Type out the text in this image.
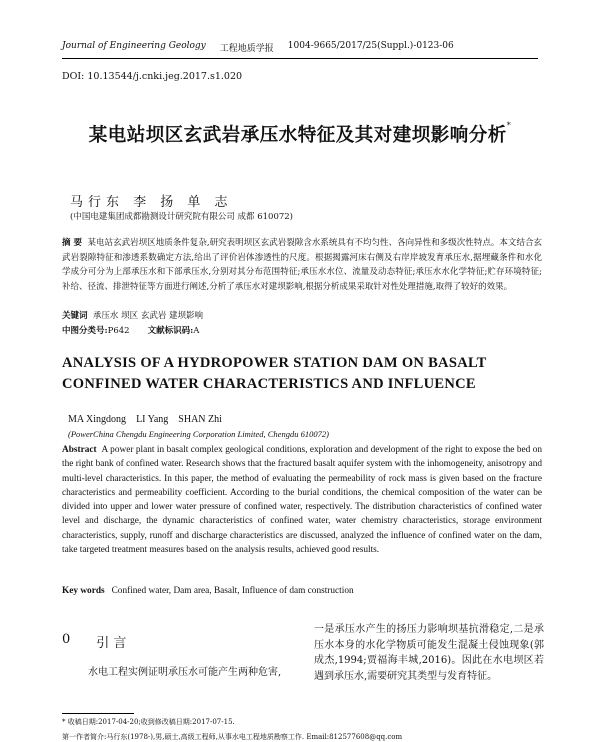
Journal of Engineering Geology 工程地质学报 1004-9665/2017/25(Suppl.)-0123-06
DOI: 10.13544/j.cnki.jeg.2017.s1.020
某电站坝区玄武岩承压水特征及其对建坝影响分析*
马行东 李 扬 单 志
(中国电建集团成都勘测设计研究院有限公司 成都 610072)
摘 要 某电站玄武岩坝区地质条件复杂,研究表明坝区玄武岩裂隙含水系统具有不均匀性、各向异性和多级次性特点。本文结合玄武岩裂隙特征和渗透系数确定方法,给出了评价岩体渗透性的尺度。根据揭露河床右侧及右岸岸坡发育承压水,据埋藏条件和水化学成分可分为上部承压水和下部承压水,分别对其分布范围特征;承压水水位、流量及动态特征;承压水水化学特征;贮存环境特征;补给、径流、排泄特征等方面进行阐述,分析了承压水对建坝影响,根据分析成果采取针对性处理措施,取得了较好的效果。
关键词 承压水 坝区 玄武岩 建坝影响
中图分类号:P642 文献标识码:A
ANALYSIS OF A HYDROPOWER STATION DAM ON BASALT CONFINED WATER CHARACTERISTICS AND INFLUENCE
MA Xingdong LI Yang SHAN Zhi
(PowerChina Chengdu Engineering Corporation Limited, Chengdu 610072)
Abstract A power plant in basalt complex geological conditions, exploration and development of the right to expose the bed on the right bank of confined water. Research shows that the fractured basalt aquifer system with the inhomogeneity, anisotropy and multi-level characteristics. In this paper, the method of evaluating the permeability of rock mass is given based on the fracture characteristics and permeability coefficient. According to the burial conditions, the chemical composition of the water can be divided into upper and lower water pressure of confined water, respectively. The distribution characteristics of confined water level and discharge, the dynamic characteristics of confined water, water chemistry characteristics, storage environment characteristics, supply, runoff and discharge characteristics are discussed, analyzed the influence of confined water on the dam, take targeted treatment measures based on the analysis results, achieved good results.
Key words Confined water, Dam area, Basalt, Influence of dam construction
0 引 言
水电工程实例证明承压水可能产生两种危害,
一是承压水产生的扬压力影响坝基抗滑稳定,二是承压水本身的水化学物质可能发生混凝土侵蚀现象(郭成杰,1994;贾福海丰城,2016)。因此在水电坝区若遇到承压水,需要研究其类型与发育特征。
* 收稿日期:2017-04-20;收到修改稿日期:2017-07-15.
第一作者简介:马行东(1978-),男,硕士,高级工程师,从事水电工程地质勘察工作. Email:812577608@qq.com
